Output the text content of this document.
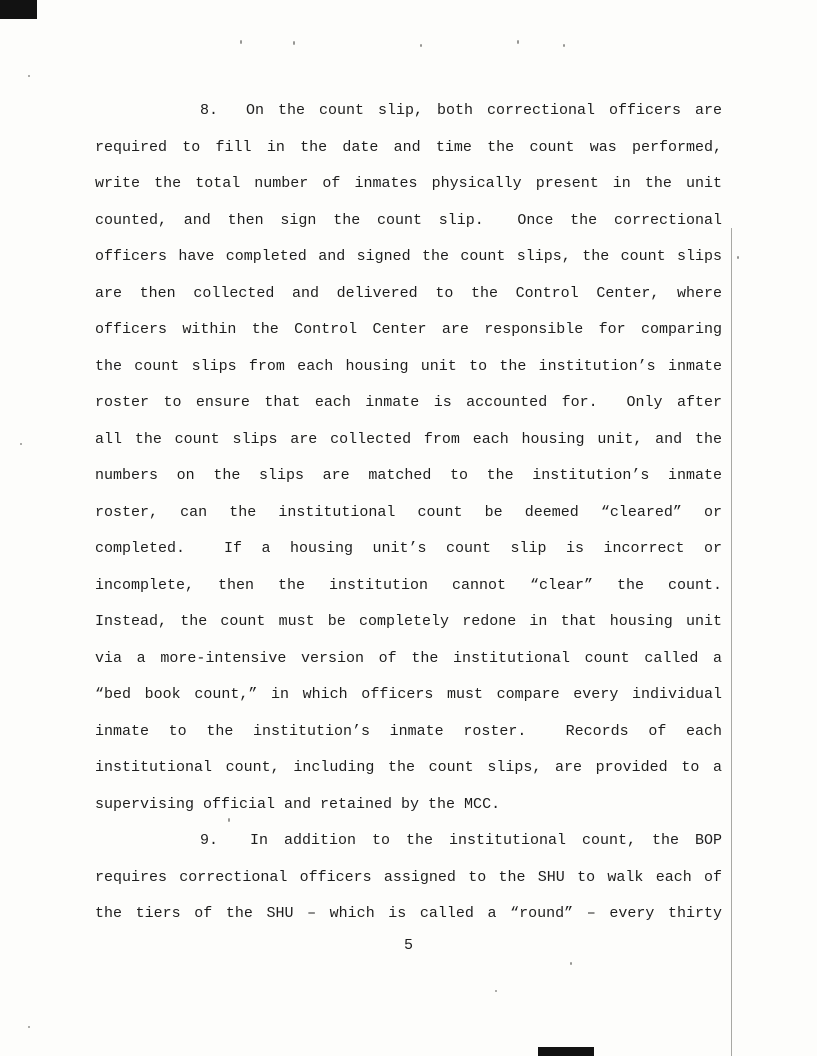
8.  On the count slip, both correctional officers are
required to fill in the date and time the count was performed,
write the total number of inmates physically present in the unit
counted, and then sign the count slip.  Once the correctional
officers have completed and signed the count slips, the count slips
are then collected and delivered to the Control Center, where
officers within the Control Center are responsible for comparing
the count slips from each housing unit to the institution’s inmate
roster to ensure that each inmate is accounted for.  Only after
all the count slips are collected from each housing unit, and the
numbers on the slips are matched to the institution’s inmate
roster, can the institutional count be deemed “cleared” or
completed.  If a housing unit’s count slip is incorrect or
incomplete, then the institution cannot “clear” the count.
Instead, the count must be completely redone in that housing unit
via a more-intensive version of the institutional count called a
“bed book count,” in which officers must compare every individual
inmate to the institution’s inmate roster.  Records of each
institutional count, including the count slips, are provided to a
supervising official and retained by the MCC.
9.  In addition to the institutional count, the BOP
requires correctional officers assigned to the SHU to walk each of
the tiers of the SHU – which is called a “round” – every thirty
5
